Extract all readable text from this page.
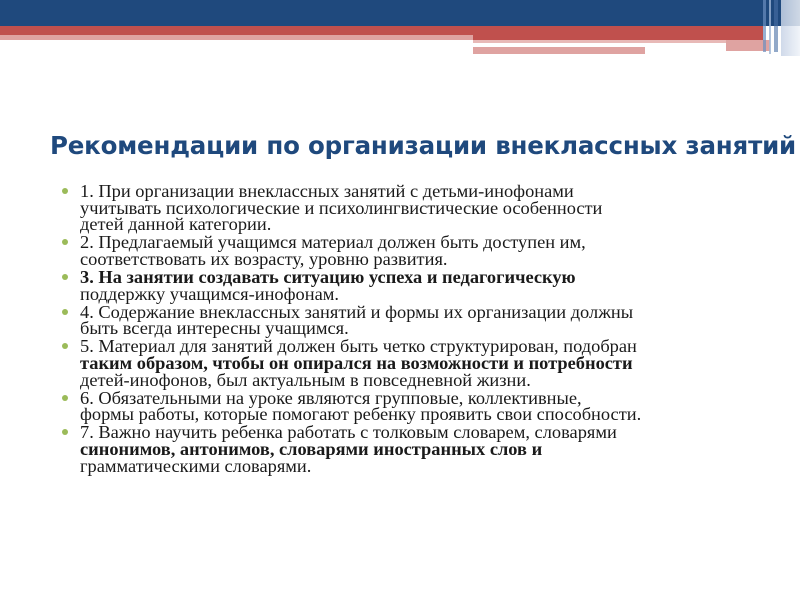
Рекомендации по организации внеклассных занятий
1. При организации внеклассных занятий с детьми-инофонами
учитывать психологические и психолингвистические особенности
детей данной категории.
2. Предлагаемый учащимся материал должен быть доступен им,
соответствовать их возрасту, уровню развития.
3. На занятии создавать ситуацию успеха и педагогическую
поддержку учащимся-инофонам.
4. Содержание внеклассных занятий и формы их организации должны
быть всегда интересны учащимся.
5. Материал для занятий должен быть четко структурирован, подобран
таким образом, чтобы он опирался на возможности и потребности
детей-инофонов, был актуальным в повседневной жизни.
6. Обязательными на уроке являются групповые, коллективные,
формы работы, которые помогают ребенку проявить свои способности.
7. Важно научить ребенка работать с толковым словарем, словарями
синонимов, антонимов, словарями иностранных слов и
грамматическими словарями.
